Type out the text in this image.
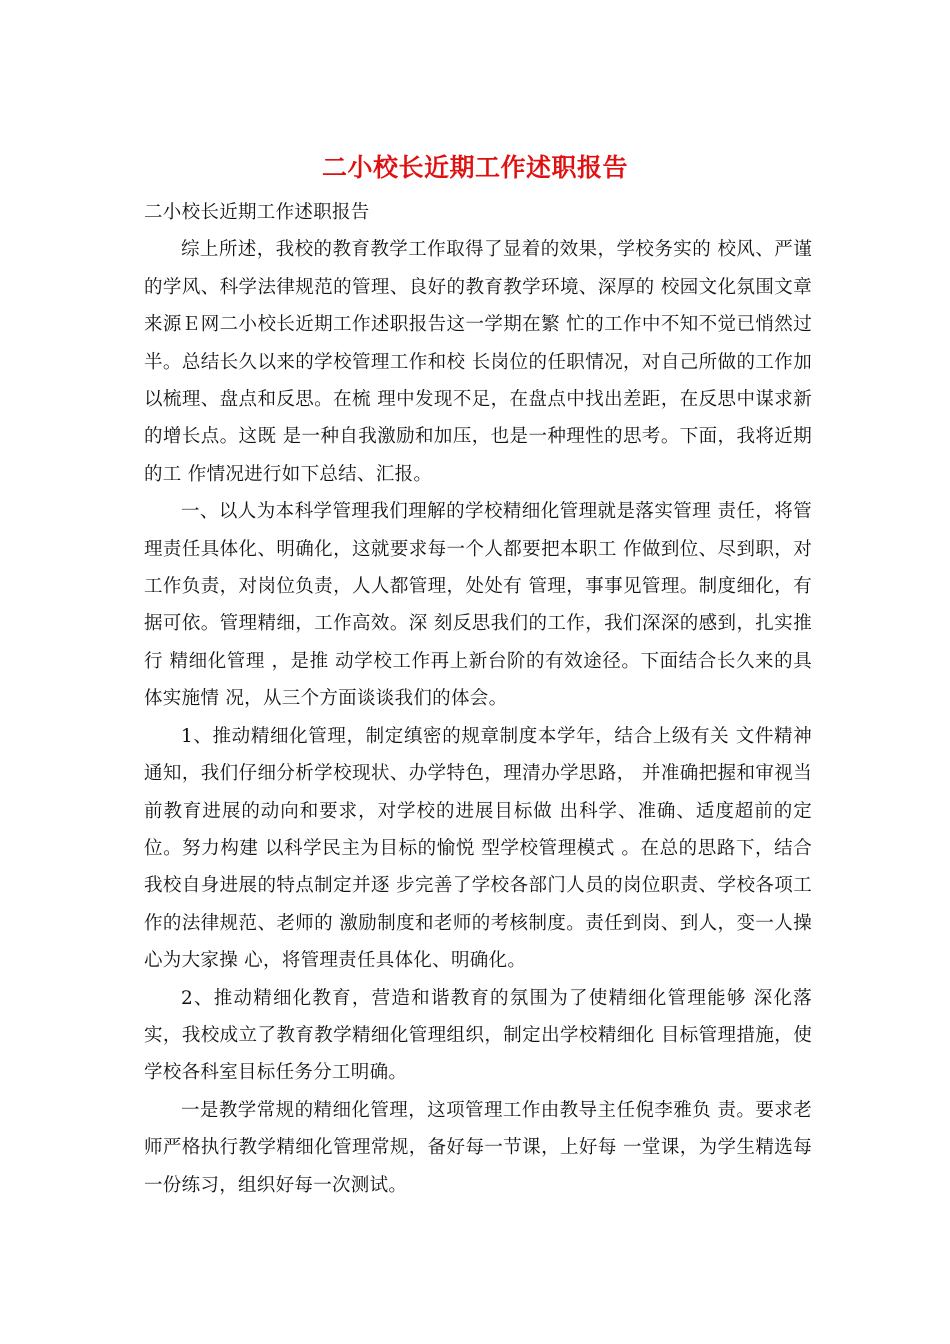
二小校长近期工作述职报告

二小校长近期工作述职报告

综上所述，我校的教育教学工作取得了显着的效果，学校务实的 校风、严谨的学风、科学法律规范的管理、良好的教育教学环境、深厚的 校园文化氛围文章来源Ｅ网二小校长近期工作述职报告这一学期在繁 忙的工作中不知不觉已悄然过半。总结长久以来的学校管理工作和校 长岗位的任职情况，对自己所做的工作加以梳理、盘点和反思。在梳 理中发现不足，在盘点中找出差距，在反思中谋求新的增长点。这既 是一种自我激励和加压，也是一种理性的思考。下面，我将近期的工 作情况进行如下总结、汇报。

一、以人为本科学管理我们理解的学校精细化管理就是落实管理 责任，将管理责任具体化、明确化，这就要求每一个人都要把本职工 作做到位、尽到职，对工作负责，对岗位负责，人人都管理，处处有 管理，事事见管理。制度细化，有据可依。管理精细，工作高效。深 刻反思我们的工作，我们深深的感到，扎实推行 精细化管理 ，是推 动学校工作再上新台阶的有效途径。下面结合长久来的具体实施情 况，从三个方面谈谈我们的体会。

1、推动精细化管理，制定缜密的规章制度本学年，结合上级有关 文件精神通知，我们仔细分析学校现状、办学特色，理清办学思路， 并准确把握和审视当前教育进展的动向和要求，对学校的进展目标做 出科学、准确、适度超前的定位。努力构建 以科学民主为目标的愉悦 型学校管理模式 。在总的思路下，结合我校自身进展的特点制定并逐 步完善了学校各部门人员的岗位职责、学校各项工作的法律规范、老师的 激励制度和老师的考核制度。责任到岗、到人，变一人操心为大家操 心，将管理责任具体化、明确化。

2、推动精细化教育，营造和谐教育的氛围为了使精细化管理能够 深化落实，我校成立了教育教学精细化管理组织，制定出学校精细化 目标管理措施，使学校各科室目标任务分工明确。

一是教学常规的精细化管理，这项管理工作由教导主任倪李雅负 责。要求老师严格执行教学精细化管理常规，备好每一节课，上好每 一堂课，为学生精选每一份练习，组织好每一次测试。
